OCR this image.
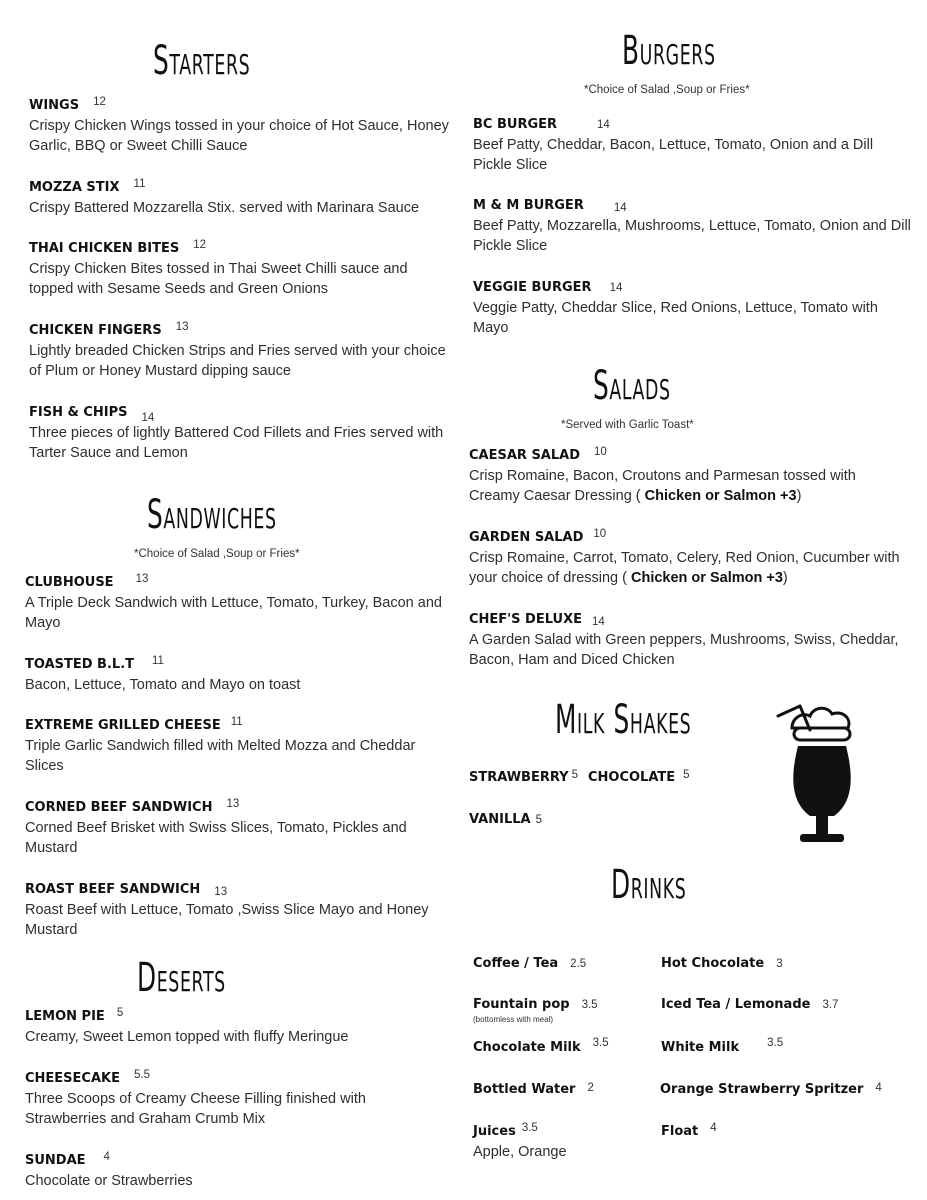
Starters
WINGS $^{12}$
Crispy Chicken Wings tossed in your choice of Hot Sauce, Honey Garlic, BBQ or Sweet Chilli Sauce
MOZZA STIX $^{11}$
Crispy Battered Mozzarella Stix. served with Marinara Sauce
THAI CHICKEN BITES $^{12}$
Crispy Chicken Bites tossed in Thai Sweet Chilli sauce and topped with Sesame Seeds and Green Onions
CHICKEN FINGERS $^{13}$
Lightly breaded Chicken Strips and Fries served with your choice of Plum or Honey Mustard dipping sauce
FISH & CHIPS $_{14}$
Three pieces of lightly Battered Cod Fillets and Fries served with Tarter Sauce and Lemon
Sandwiches
*Choice of Salad ,Soup or Fries*
CLUBHOUSE $^{13}$
A Triple Deck Sandwich with Lettuce, Tomato, Turkey, Bacon and Mayo
TOASTED B.L.T $^{11}$
Bacon, Lettuce, Tomato and Mayo on toast
EXTREME GRILLED CHEESE $^{11}$
Triple Garlic Sandwich filled with Melted Mozza and Cheddar Slices
CORNED BEEF SANDWICH $^{13}$
Corned Beef Brisket with Swiss Slices, Tomato, Pickles and Mustard
ROAST BEEF SANDWICH 13
Roast Beef with Lettuce, Tomato ,Swiss Slice Mayo and Honey Mustard
Deserts
LEMON PIE $^5$
Creamy, Sweet Lemon topped with fluffy Meringue
CHEESECAKE $^{5.5}$
Three Scoops of Creamy Cheese Filling finished with Strawberries and Graham Crumb Mix
SUNDAE $^4$
Chocolate or Strawberries
Burgers
*Choice of Salad ,Soup or Fries*
BC BURGER	14
Beef Patty, Cheddar, Bacon, Lettuce, Tomato, Onion and a Dill Pickle Slice
M & M BURGER	14
Beef Patty, Mozzarella, Mushrooms, Lettuce, Tomato, Onion and Dill Pickle Slice
VEGGIE BURGER 14
Veggie Patty, Cheddar Slice, Red Onions, Lettuce, Tomato with Mayo
Salads
*Served with Garlic Toast*
CAESAR SALAD $^{10}$
Crisp Romaine, Bacon, Croutons and Parmesan tossed with Creamy Caesar Dressing ( Chicken or Salmon +3)
GARDEN SALAD $^{10}$
Crisp Romaine, Carrot, Tomato, Celery, Red Onion, Cucumber with your choice of dressing ( Chicken or Salmon +3)
CHEF'S DELUXE 14
A Garden Salad with Green peppers, Mushrooms, Swiss, Cheddar, Bacon, Ham and Diced Chicken
Milk Shakes
STRAWBERRY 5 CHOCOLATE 5
VANILLA 5
Drinks
Coffee / Tea 2.5	Hot Chocolate 3
Fountain pop 3.5
(bottomless with meal)
Iced Tea / Lemonade 3.7
Chocolate Milk $^{3.5}$	White Milk $^{3.5}$
Bottled Water 2	Orange Strawberry Spritzer 4
Juices $^{3.5}$
Apple, Orange
Float $^4$
